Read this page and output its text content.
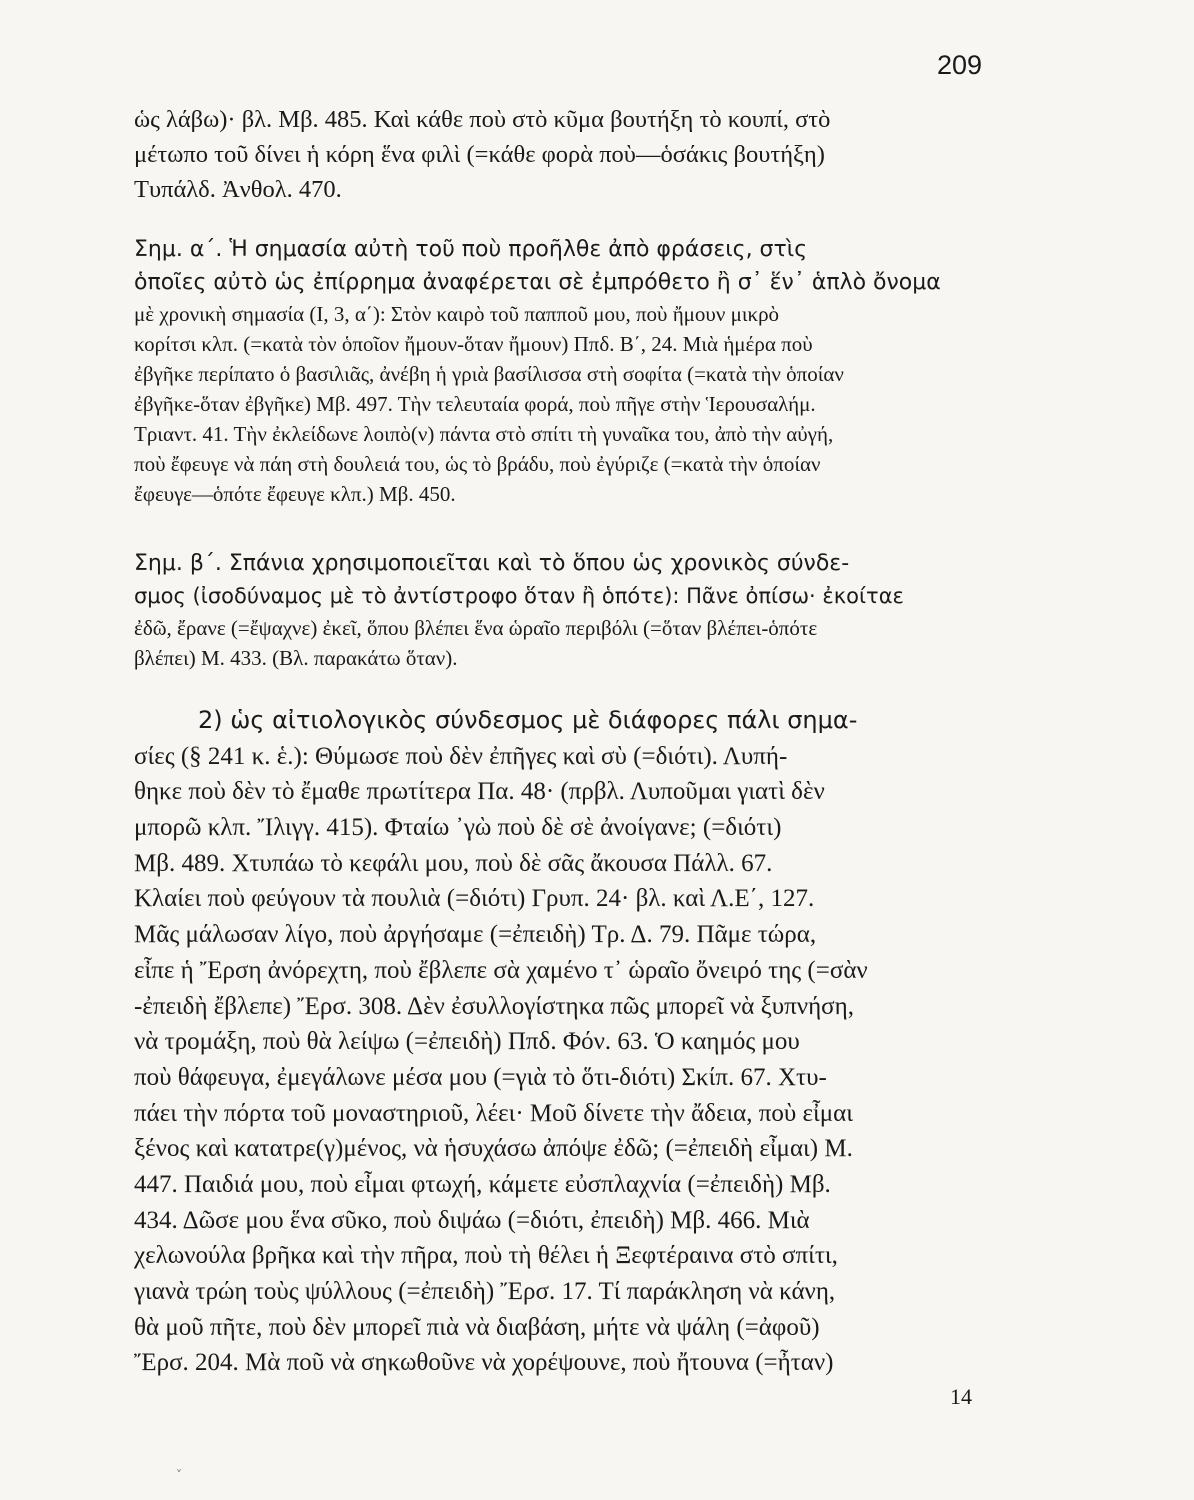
209

ὡς λάβω)· βλ. Μβ. 485. Καὶ κάθε ποὺ στὸ κῦμα βουτήξη τὸ κουπί, στὸ
μέτωπο τοῦ δίνει ἡ κόρη ἕνα φιλὶ (=κάθε φορὰ ποὺ—ὁσάκις βουτήξη)
Τυπάλδ. Ἀνθολ. 470.

Σημ. α΄. Ἡ σημασία αὐτὴ τοῦ ποὺ προῆλθε ἀπὸ φράσεις, στὶς
ὁποῖες αὐτὸ ὡς ἐπίρρημα ἀναφέρεται σὲ ἐμπρόθετο ἢ σ᾽ ἕν᾽ ἁπλὸ ὄνομα
μὲ χρονικὴ σημασία (Ι, 3, α΄): Στὸν καιρὸ τοῦ παπποῦ μου, ποὺ ἤμουν μικρὸ
κορίτσι κλπ. (=κατὰ τὸν ὁποῖον ἤμουν-ὅταν ἤμουν) Ππδ. Β΄, 24. Μιὰ ἡμέρα ποὺ
ἐβγῆκε περίπατο ὁ βασιλιᾶς, ἀνέβη ἡ γριὰ βασίλισσα στὴ σοφίτα (=κατὰ τὴν ὁποίαν
ἐβγῆκε-ὅταν ἐβγῆκε) Μβ. 497. Τὴν τελευταία φορά, ποὺ πῆγε στὴν Ἱερουσαλήμ.
Τριαντ. 41. Τὴν ἐκλείδωνε λοιπὸ(ν) πάντα στὸ σπίτι τὴ γυναῖκα του, ἀπὸ τὴν αὐγή,
ποὺ ἔφευγε νὰ πάη στὴ δουλειά του, ὡς τὸ βράδυ, ποὺ ἐγύριζε (=κατὰ τὴν ὁποίαν
ἔφευγε—ὁπότε ἔφευγε κλπ.) Μβ. 450.

Σημ. β΄. Σπάνια χρησιμοποιεῖται καὶ τὸ ὅπου ὡς χρονικὸς σύνδε-
σμος (ἰσοδύναμος μὲ τὸ ἀντίστροφο ὅταν ἢ ὁπότε): Πᾶνε ὀπίσω· ἐκοίταε
ἐδῶ, ἔρανε (=ἔψαχνε) ἐκεῖ, ὅπου βλέπει ἕνα ὡραῖο περιβόλι (=ὅταν βλέπει-ὁπότε
βλέπει) Μ. 433. (Βλ. παρακάτω ὅταν).

2) ὡς αἰτιολογικὸς σύνδεσμος μὲ διάφορες πάλι σημα-
σίες (§ 241 κ. ἑ.): Θύμωσε ποὺ δὲν ἐπῆγες καὶ σὺ (=διότι). Λυπή-
θηκε ποὺ δὲν τὸ ἔμαθε πρωτίτερα Πα. 48· (πρβλ. Λυποῦμαι γιατὶ δὲν
μπορῶ κλπ. Ἴλιγγ. 415). Φταίω ᾽γὼ ποὺ δὲ σὲ ἀνοίγανε; (=διότι)
Μβ. 489. Χτυπάω τὸ κεφάλι μου, ποὺ δὲ σᾶς ἄκουσα Πάλλ. 67.
Κλαίει ποὺ φεύγουν τὰ πουλιὰ (=διότι) Γρυπ. 24· βλ. καὶ Λ.Ε΄, 127.
Μᾶς μάλωσαν λίγο, ποὺ ἀργήσαμε (=ἐπειδὴ) Τρ. Δ. 79. Πᾶμε τώρα,
εἶπε ἡ Ἔρση ἀνόρεχτη, ποὺ ἔβλεπε σὰ χαμένο τ᾽ ὡραῖο ὄνειρό της (=σὰν
-ἐπειδὴ ἔβλεπε) Ἔρσ. 308. Δὲν ἐσυλλογίστηκα πῶς μπορεῖ νὰ ξυπνήση,
νὰ τρομάξη, ποὺ θὰ λείψω (=ἐπειδὴ) Ππδ. Φόν. 63. Ὁ καημός μου
ποὺ θάφευγα, ἐμεγάλωνε μέσα μου (=γιὰ τὸ ὅτι-διότι) Σκίπ. 67. Χτυ-
πάει τὴν πόρτα τοῦ μοναστηριοῦ, λέει· Μοῦ δίνετε τὴν ἄδεια, ποὺ εἶμαι
ξένος καὶ κατατρε(γ)μένος, νὰ ἡσυχάσω ἀπόψε ἐδῶ; (=ἐπειδὴ εἶμαι) Μ.
447. Παιδιά μου, ποὺ εἶμαι φτωχή, κάμετε εὐσπλαχνία (=ἐπειδὴ) Μβ.
434. Δῶσε μου ἕνα σῦκο, ποὺ διψάω (=διότι, ἐπειδὴ) Μβ. 466. Μιὰ
χελωνούλα βρῆκα καὶ τὴν πῆρα, ποὺ τὴ θέλει ἡ Ξεφτέραινα στὸ σπίτι,
γιανὰ τρώη τοὺς ψύλλους (=ἐπειδὴ) Ἔρσ. 17. Τί παράκληση νὰ κάνη,
θὰ μοῦ πῆτε, ποὺ δὲν μπορεῖ πιὰ νὰ διαβάση, μήτε νὰ ψάλη (=ἀφοῦ)
Ἔρσ. 204. Μὰ ποῦ νὰ σηκωθοῦνε νὰ χορέψουνε, ποὺ ἤτουνα (=ἦταν)

14
˅
